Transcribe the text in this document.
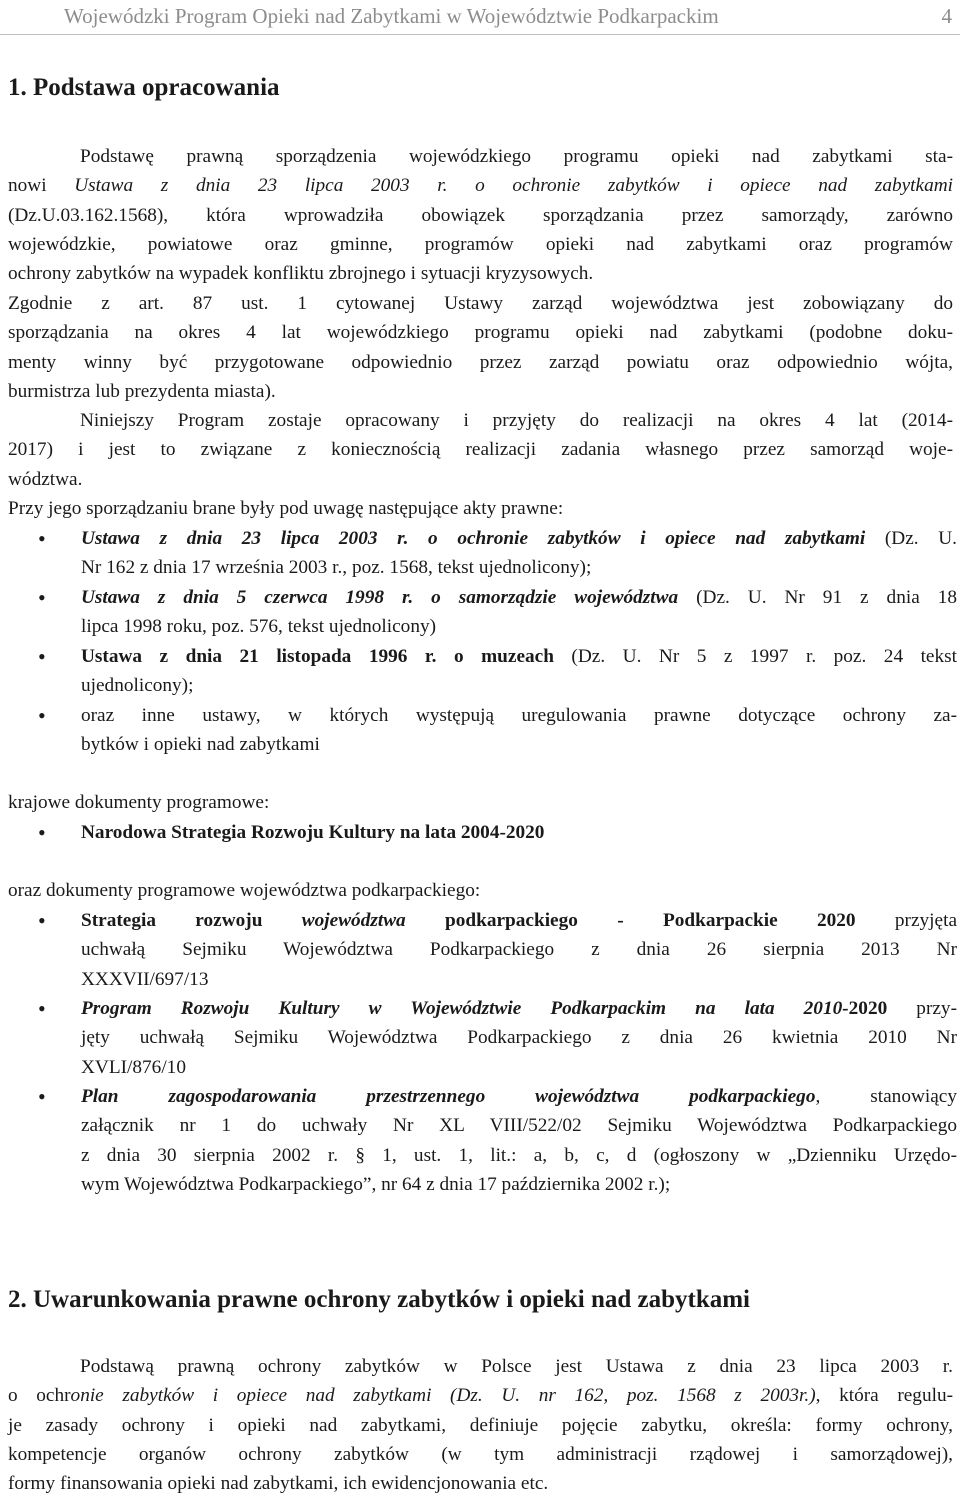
Wojewódzki Program Opieki nad Zabytkami w Województwie Podkarpackim	4
1. Podstawa opracowania
Podstawę prawną sporządzenia wojewódzkiego programu opieki nad zabytkami sta-
nowi Ustawa z dnia 23 lipca 2003 r. o ochronie zabytków i opiece nad zabytkami
(Dz.U.03.162.1568), która wprowadziła obowiązek sporządzania przez samorządy, zarówno
wojewódzkie, powiatowe oraz gminne, programów opieki nad zabytkami oraz programów
ochrony zabytków na wypadek konfliktu zbrojnego i sytuacji kryzysowych.
Zgodnie z art. 87 ust. 1 cytowanej Ustawy zarząd województwa jest zobowiązany do
sporządzania na okres 4 lat wojewódzkiego programu opieki nad zabytkami (podobne doku-
menty winny być przygotowane odpowiednio przez zarząd powiatu oraz odpowiednio wójta,
burmistrza lub prezydenta miasta).
Niniejszy Program zostaje opracowany i przyjęty do realizacji na okres 4 lat (2014-
2017) i jest to związane z koniecznością realizacji zadania własnego przez samorząd woje-
wództwa.
Przy jego sporządzaniu brane były pod uwagę następujące akty prawne:
• Ustawa z dnia 23 lipca 2003 r. o ochronie zabytków i opiece nad zabytkami (Dz. U.
Nr 162 z dnia 17 września 2003 r., poz. 1568, tekst ujednolicony);
• Ustawa z dnia 5 czerwca 1998 r. o samorządzie województwa (Dz. U. Nr 91 z dnia 18
lipca 1998 roku, poz. 576, tekst ujednolicony)
• Ustawa z dnia 21 listopada 1996 r. o muzeach (Dz. U. Nr 5 z 1997 r. poz. 24 tekst
ujednolicony);
• oraz inne ustawy, w których występują uregulowania prawne dotyczące ochrony za-
bytków i opieki nad zabytkami
krajowe dokumenty programowe:
• Narodowa Strategia Rozwoju Kultury na lata 2004-2020
oraz dokumenty programowe województwa podkarpackiego:
• Strategia rozwoju województwa podkarpackiego - Podkarpackie 2020 przyjęta
uchwałą Sejmiku Województwa Podkarpackiego z dnia 26 sierpnia 2013 Nr
XXXVII/697/13
• Program Rozwoju Kultury w Województwie Podkarpackim na lata 2010-2020 przy-
jęty uchwałą Sejmiku Województwa Podkarpackiego z dnia 26 kwietnia 2010 Nr
XVLI/876/10
• Plan zagospodarowania przestrzennego województwa podkarpackiego, stanowiący
załącznik nr 1 do uchwały Nr XL VIII/522/02 Sejmiku Województwa Podkarpackiego
z dnia 30 sierpnia 2002 r. § 1, ust. 1, lit.: a, b, c, d (ogłoszony w „Dzienniku Urzędo-
wym Województwa Podkarpackiego”, nr 64 z dnia 17 października 2002 r.);
2. Uwarunkowania prawne ochrony zabytków i opieki nad zabytkami
Podstawą prawną ochrony zabytków w Polsce jest Ustawa z dnia 23 lipca 2003 r.
o ochronie zabytków i opiece nad zabytkami (Dz. U. nr 162, poz. 1568 z 2003r.), która regulu-
je zasady ochrony i opieki nad zabytkami, definiuje pojęcie zabytku, określa: formy ochrony,
kompetencje organów ochrony zabytków (w tym administracji rządowej i samorządowej),
formy finansowania opieki nad zabytkami, ich ewidencjonowania etc.
